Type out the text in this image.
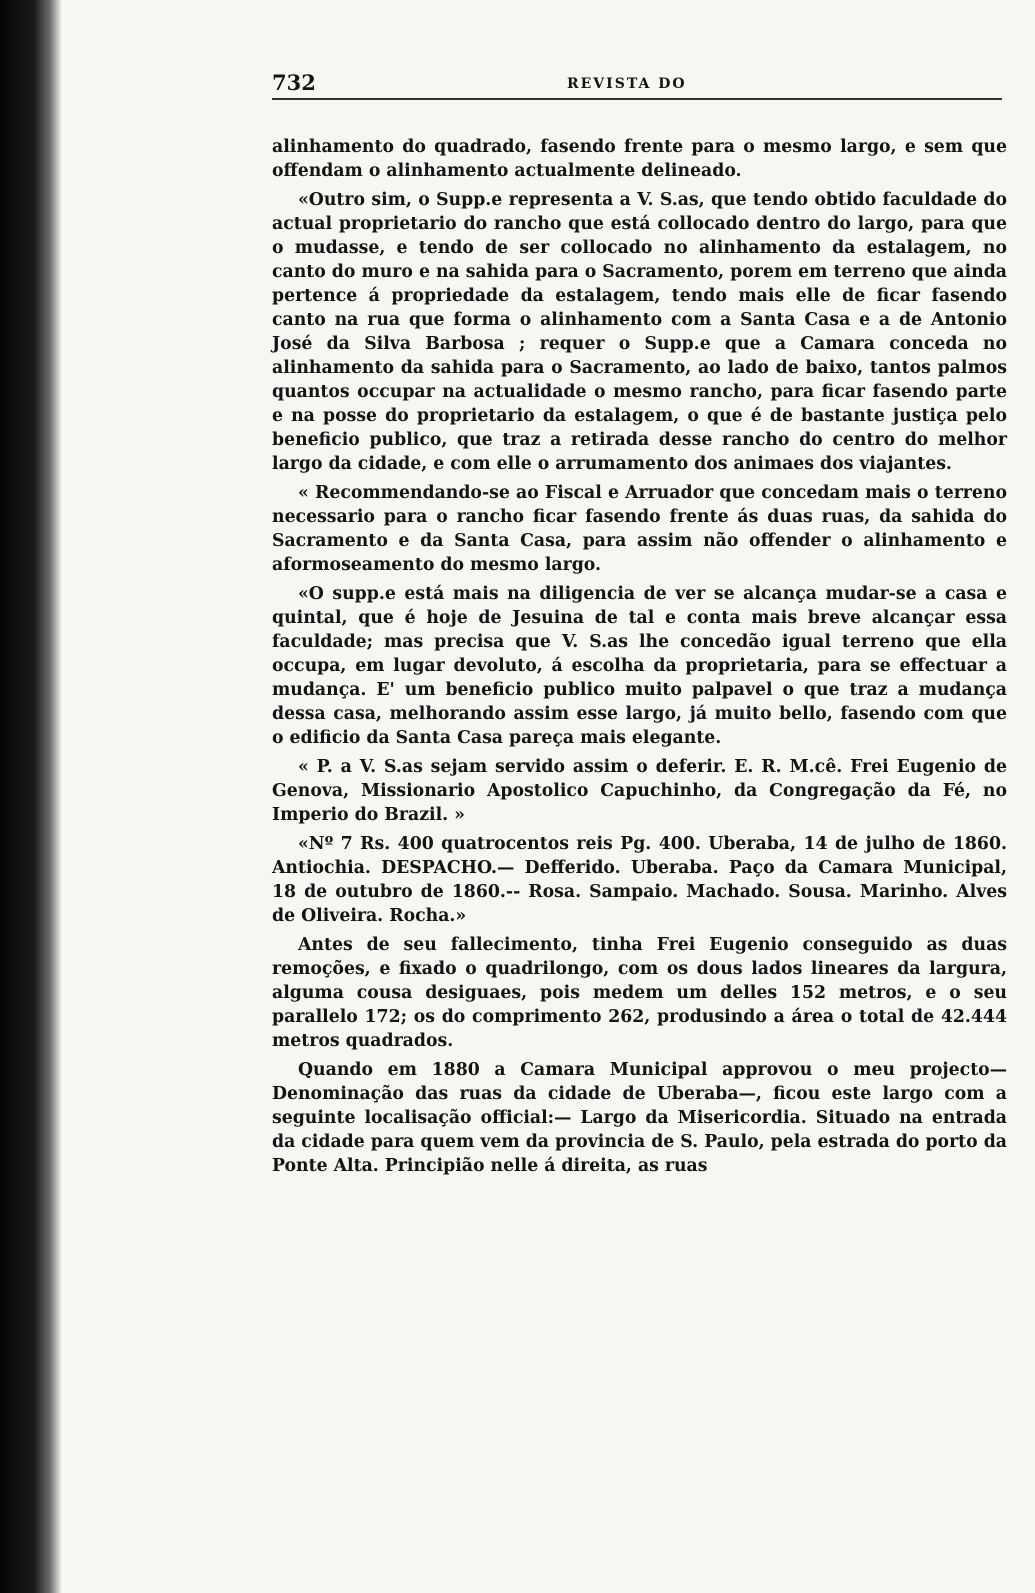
732	REVISTA DO

alinhamento do quadrado, fasendo frente para o mesmo largo, e sem que offendam o alinhamento actualmente delineado.

«Outro sim, o Supp.e representa a V. S.as, que tendo obtido faculdade do actual proprietario do rancho que está collocado dentro do largo, para que o mudasse, e tendo de ser collocado no alinhamento da estalagem, no canto do muro e na sahida para o Sacramento, porem em terreno que ainda pertence á propriedade da estalagem, tendo mais elle de ficar fasendo canto na rua que forma o alinhamento com a Santa Casa e a de Antonio José da Silva Barbosa ; requer o Supp.e que a Camara conceda no alinhamento da sahida para o Sacramento, ao lado de baixo, tantos palmos quantos occupar na actualidade o mesmo rancho, para ficar fasendo parte e na posse do proprietario da estalagem, o que é de bastante justiça pelo beneficio publico, que traz a retirada desse rancho do centro do melhor largo da cidade, e com elle o arrumamento dos animaes dos viajantes.

« Recommendando-se ao Fiscal e Arruador que concedam mais o terreno necessario para o rancho ficar fasendo frente ás duas ruas, da sahida do Sacramento e da Santa Casa, para assim não offender o alinhamento e aformoseamento do mesmo largo.

«O supp.e está mais na diligencia de ver se alcança mudar-se a casa e quintal, que é hoje de Jesuina de tal e conta mais breve alcançar essa faculdade; mas precisa que V. S.as lhe concedão igual terreno que ella occupa, em lugar devoluto, á escolha da proprietaria, para se effectuar a mudança. E' um beneficio publico muito palpavel o que traz a mudança dessa casa, melhorando assim esse largo, já muito bello, fasendo com que o edificio da Santa Casa pareça mais elegante.

« P. a V. S.as sejam servido assim o deferir. E. R. M.cê. Frei Eugenio de Genova, Missionario Apostolico Capuchinho, da Congregação da Fé, no Imperio do Brazil. »

«Nº 7 Rs. 400 quatrocentos reis Pg. 400. Uberaba, 14 de julho de 1860. Antiochia. DESPACHO.— Defferido. Uberaba. Paço da Camara Municipal, 18 de outubro de 1860.-- Rosa. Sampaio. Machado. Sousa. Marinho. Alves de Oliveira. Rocha.»

Antes de seu fallecimento, tinha Frei Eugenio conseguido as duas remoções, e fixado o quadrilongo, com os dous lados lineares da largura, alguma cousa desiguaes, pois medem um delles 152 metros, e o seu parallelo 172; os do comprimento 262, produsindo a área o total de 42.444 metros quadrados.

Quando em 1880 a Camara Municipal approvou o meu projecto— Denominação das ruas da cidade de Uberaba—, ficou este largo com a seguinte localisação official:— Largo da Misericordia. Situado na entrada da cidade para quem vem da provincia de S. Paulo, pela estrada do porto da Ponte Alta. Principião nelle á direita, as ruas
